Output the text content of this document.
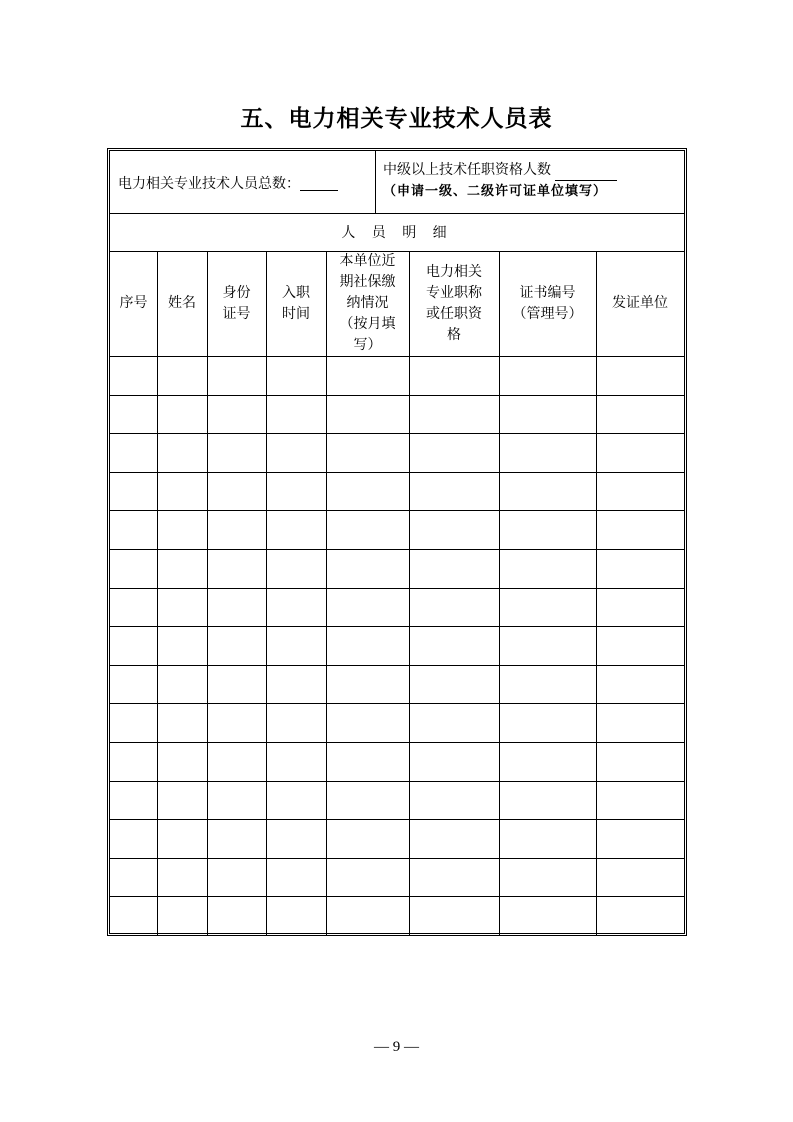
五、电力相关专业技术人员表
电力相关专业技术人员总数：
中级以上技术任职资格人数
（申请一级、二级许可证单位填写）
人 员 明 细
序号	姓名
身份
证号
入职
时间
本单位近
期社保缴
纳情况
（按月填
写）
电力相关
专业职称
或任职资
格
证书编号
（管理号）
发证单位
— 9 —
